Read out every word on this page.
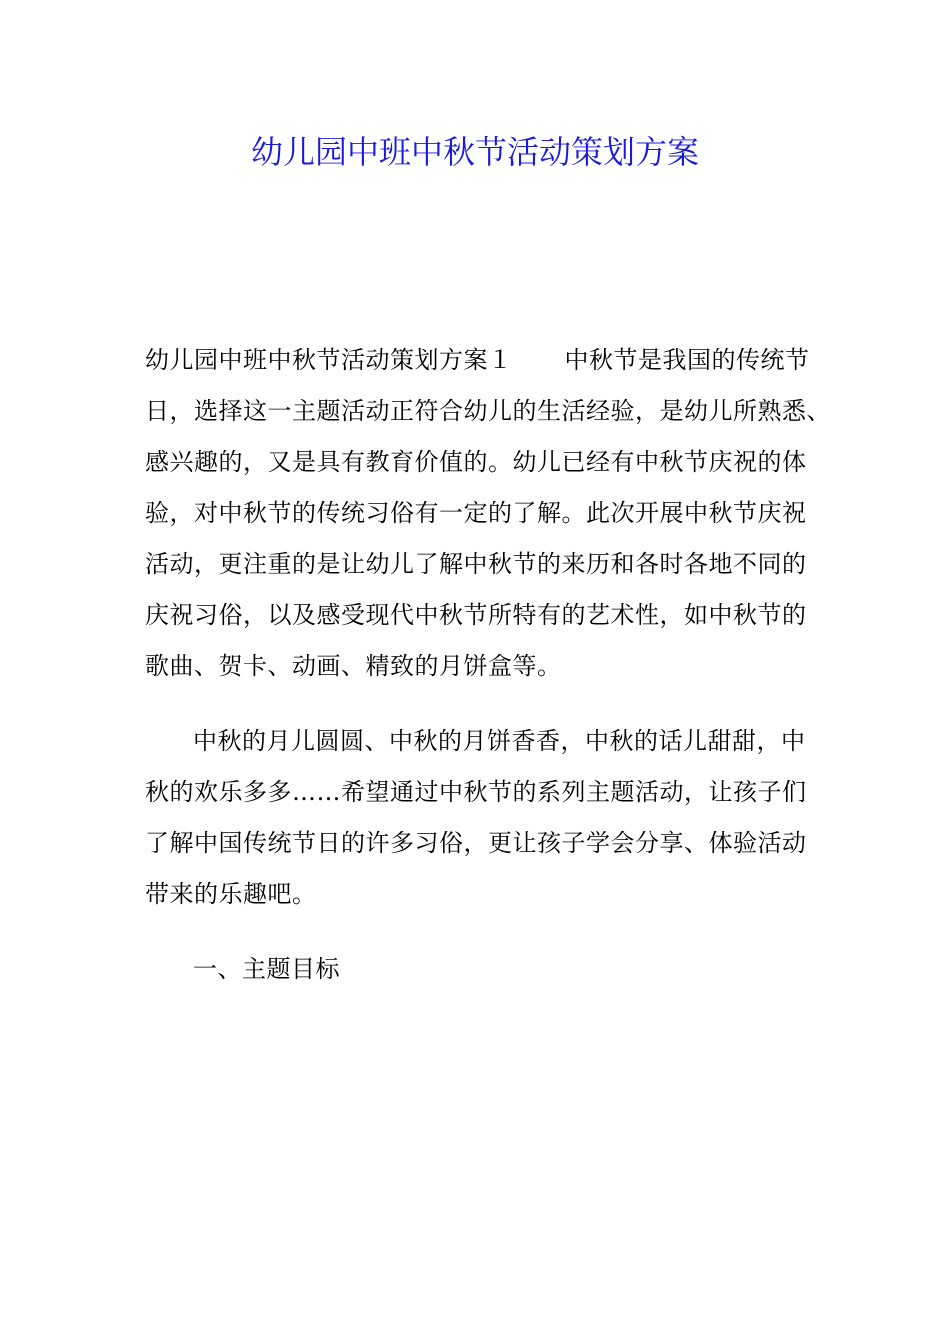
幼儿园中班中秋节活动策划方案

幼儿园中班中秋节活动策划方案１ 中秋节是我国的传统节
日，选择这一主题活动正符合幼儿的生活经验，是幼儿所熟悉、
感兴趣的，又是具有教育价值的。幼儿已经有中秋节庆祝的体
验，对中秋节的传统习俗有一定的了解。此次开展中秋节庆祝
活动，更注重的是让幼儿了解中秋节的来历和各时各地不同的
庆祝习俗，以及感受现代中秋节所特有的艺术性，如中秋节的
歌曲、贺卡、动画、精致的月饼盒等。

中秋的月儿圆圆、中秋的月饼香香，中秋的话儿甜甜，中
秋的欢乐多多……希望通过中秋节的系列主题活动，让孩子们
了解中国传统节日的许多习俗，更让孩子学会分享、体验活动
带来的乐趣吧。

一、主题目标
